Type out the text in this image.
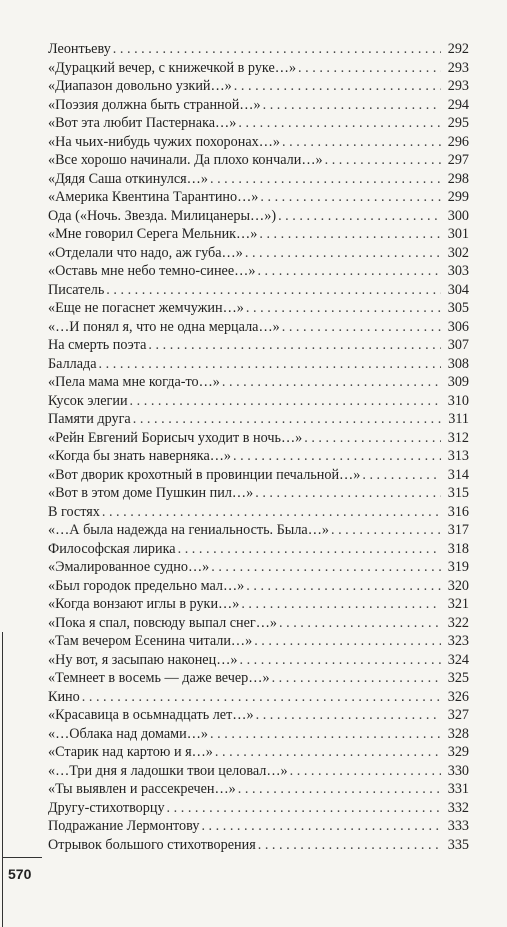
Леонтьеву . . .	292
«Дурацкий вечер, с книжечкой в руке…» . . .	293
«Диапазон довольно узкий…» . . .	293
«Поэзия должна быть странной…» . . .	294
«Вот эта любит Пастернака…» . . .	295
«На чьих-нибудь чужих похоронах…» . . .	296
«Все хорошо начинали. Да плохо кончали…» . . .	297
«Дядя Саша откинулся…» . . .	298
«Америка Квентина Тарантино…» . . .	299
Ода («Ночь. Звезда. Милицанеры…») . . .	300
«Мне говорил Серега Мельник…» . . .	301
«Отделали что надо, аж губа…» . . .	302
«Оставь мне небо темно-синее…» . . .	303
Писатель . . .	304
«Еще не погаснет жемчужин…» . . .	305
«…И понял я, что не одна мерцала…» . . .	306
На смерть поэта . . .	307
Баллада . . .	308
«Пела мама мне когда-то…» . . .	309
Кусок элегии . . .	310
Памяти друга . . .	311
«Рейн Евгений Борисыч уходит в ночь…» . . .	312
«Когда бы знать наверняка…» . . .	313
«Вот дворик крохотный в провинции печальной…» . . .	314
«Вот в этом доме Пушкин пил…» . . .	315
В гостях . . .	316
«…А была надежда на гениальность. Была…» . . .	317
Философская лирика . . .	318
«Эмалированное судно…» . . .	319
«Был городок предельно мал…» . . .	320
«Когда вонзают иглы в руки…» . . .	321
«Пока я спал, повсюду выпал снег…» . . .	322
«Там вечером Есенина читали…» . . .	323
«Ну вот, я засыпаю наконец…» . . .	324
«Темнеет в восемь — даже вечер…» . . .	325
Кино . . .	326
«Красавица в осьмнадцать лет…» . . .	327
«…Облака над домами…» . . .	328
«Старик над картою и я…» . . .	329
«…Три дня я ладошки твои целовал…» . . .	330
«Ты выявлен и рассекречен…» . . .	331
Другу-стихотворцу . . .	332
Подражание Лермонтову . . .	333
Отрывок большого стихотворения . . .	335
570
